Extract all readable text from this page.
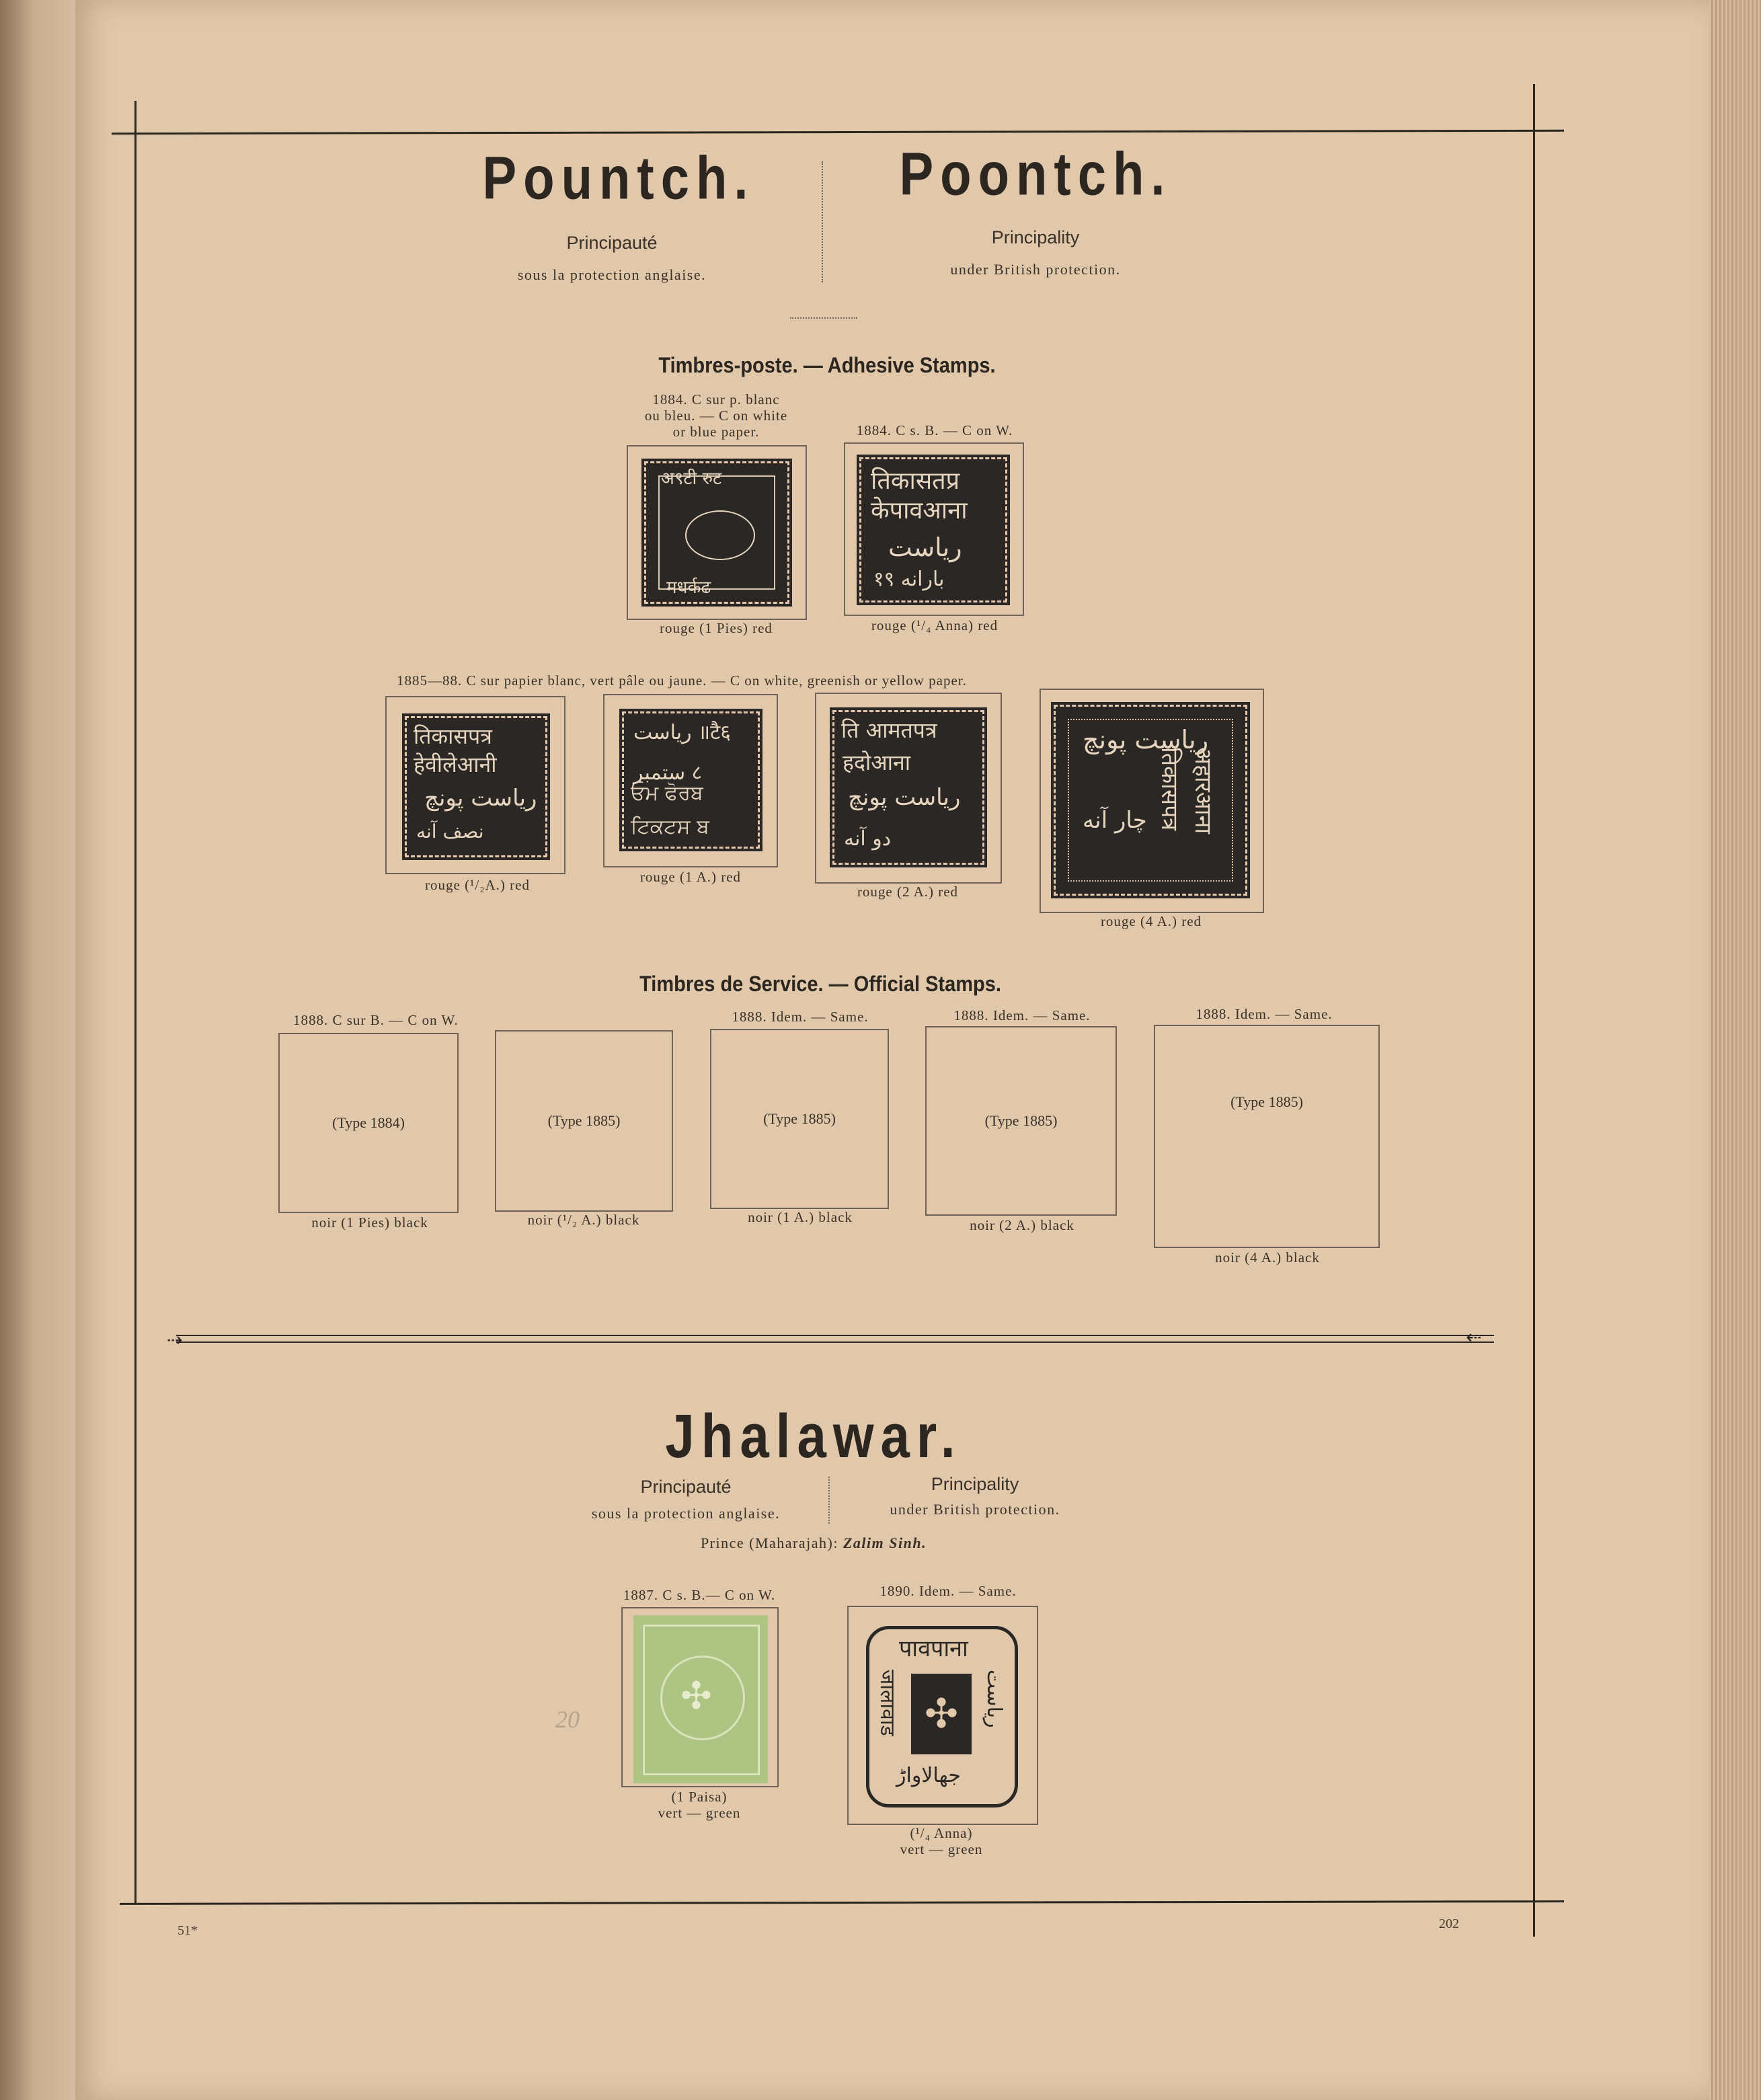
Pountch.	Poontch.
Principauté	Principality
sous la protection anglaise.	under British protection.
Timbres-poste. — Adhesive Stamps.
1884. C sur p. blanc
ou bleu. — C on white
or blue paper.
अ९टी रुट
मधर्कढ
rouge (1 Pies) red
1884. C s. B. — C on W.
तिकासतप्र
केपावआना
ﺭﻳﺎﺳﺖ
१९ ﺑﺎﺭﺍﻧﻪ
rouge (¹/₄ Anna) red
1885—88. C sur papier blanc, vert pâle ou jaune. — C on white, greenish or yellow paper.
तिकासपत्र
हेवीलेआनी
ﺭﻳﺎﺳﺖ ﭘﻮﻧﭻ
ﻧﺼﻒ ﺁﻧﻪ
rouge (¹/₂A.) red
ﺭﻳﺎﺳﺖ ॥टै६
ﺳﺘﻤﺒﺮ ८
ਓਮ ਫੋਰਬ
ਟਿਕਟਸ ਬ
rouge (1 A.) red
ति आमतपत्र
हदोआना
ﺭﻳﺎﺳﺖ ﭘﻮﻧﭻ
ﺩﻭ ﺁﻧﻪ
rouge (2 A.) red
ﺭﻳﺎﺳﺖ ﭘﻮﻧﭻ
तिकासपत्र अहारआना
ﭼﺎﺭ ﺁﻧﻪ
rouge (4 A.) red
Timbres de Service. — Official Stamps.
1888. C sur B. — C on W.
(Type 1884)
noir (1 Pies) black
(Type 1885)
noir (¹/₂ A.) black
1888. Idem. — Same.
(Type 1885)
noir (1 A.) black
1888. Idem. — Same.
(Type 1885)
noir (2 A.) black
1888. Idem. — Same.
(Type 1885)
noir (4 A.) black
⇢	⇠
Jhalawar.
Principauté	Principality
sous la protection anglaise.	under British protection.
Prince (Maharajah): Zalim Sinh.
1887. C s. B.— C on W.
✣
(1 Paisa)
vert — green
20
1890. Idem. — Same.
पावपाना
जालावाड	ﺭﻳﺎﺳﺖ
✣
ﺟﮭﺎﻻﻭﺍﮌ
(¹/₄ Anna)
vert — green
51*	202
